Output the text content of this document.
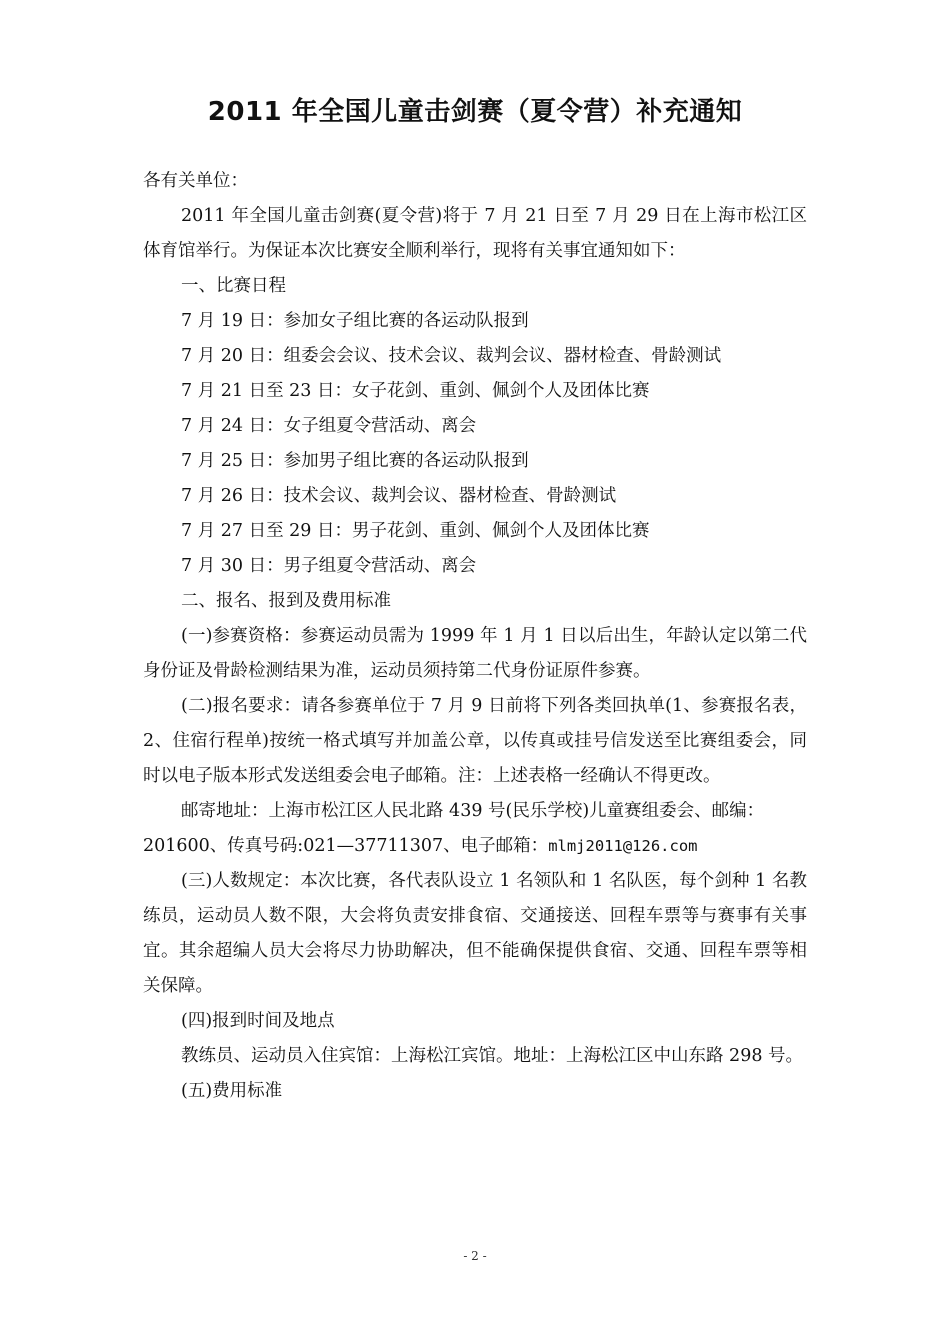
2011 年全国儿童击剑赛（夏令营）补充通知

各有关单位：

2011 年全国儿童击剑赛(夏令营)将于 7 月 21 日至 7 月 29 日在上海市松江区体育馆举行。为保证本次比赛安全顺利举行，现将有关事宜通知如下：

一、比赛日程

7 月 19 日：参加女子组比赛的各运动队报到

7 月 20 日：组委会会议、技术会议、裁判会议、器材检查、骨龄测试

7 月 21 日至 23 日：女子花剑、重剑、佩剑个人及团体比赛

7 月 24 日：女子组夏令营活动、离会

7 月 25 日：参加男子组比赛的各运动队报到

7 月 26 日：技术会议、裁判会议、器材检查、骨龄测试

7 月 27 日至 29 日：男子花剑、重剑、佩剑个人及团体比赛

7 月 30 日：男子组夏令营活动、离会

二、报名、报到及费用标准

(一)参赛资格：参赛运动员需为 1999 年 1 月 1 日以后出生，年龄认定以第二代身份证及骨龄检测结果为准，运动员须持第二代身份证原件参赛。

(二)报名要求：请各参赛单位于 7 月 9 日前将下列各类回执单(1、参赛报名表，2、住宿行程单)按统一格式填写并加盖公章，以传真或挂号信发送至比赛组委会，同时以电子版本形式发送组委会电子邮箱。注：上述表格一经确认不得更改。

邮寄地址：上海市松江区人民北路 439 号(民乐学校)儿童赛组委会、邮编：

201600、传真号码:021—37711307、电子邮箱：mlmj2011@126.com

(三)人数规定：本次比赛，各代表队设立 1 名领队和 1 名队医，每个剑种 1 名教练员，运动员人数不限，大会将负责安排食宿、交通接送、回程车票等与赛事有关事宜。其余超编人员大会将尽力协助解决，但不能确保提供食宿、交通、回程车票等相关保障。

(四)报到时间及地点

教练员、运动员入住宾馆：上海松江宾馆。地址：上海松江区中山东路 298 号。

(五)费用标准

- 2 -
